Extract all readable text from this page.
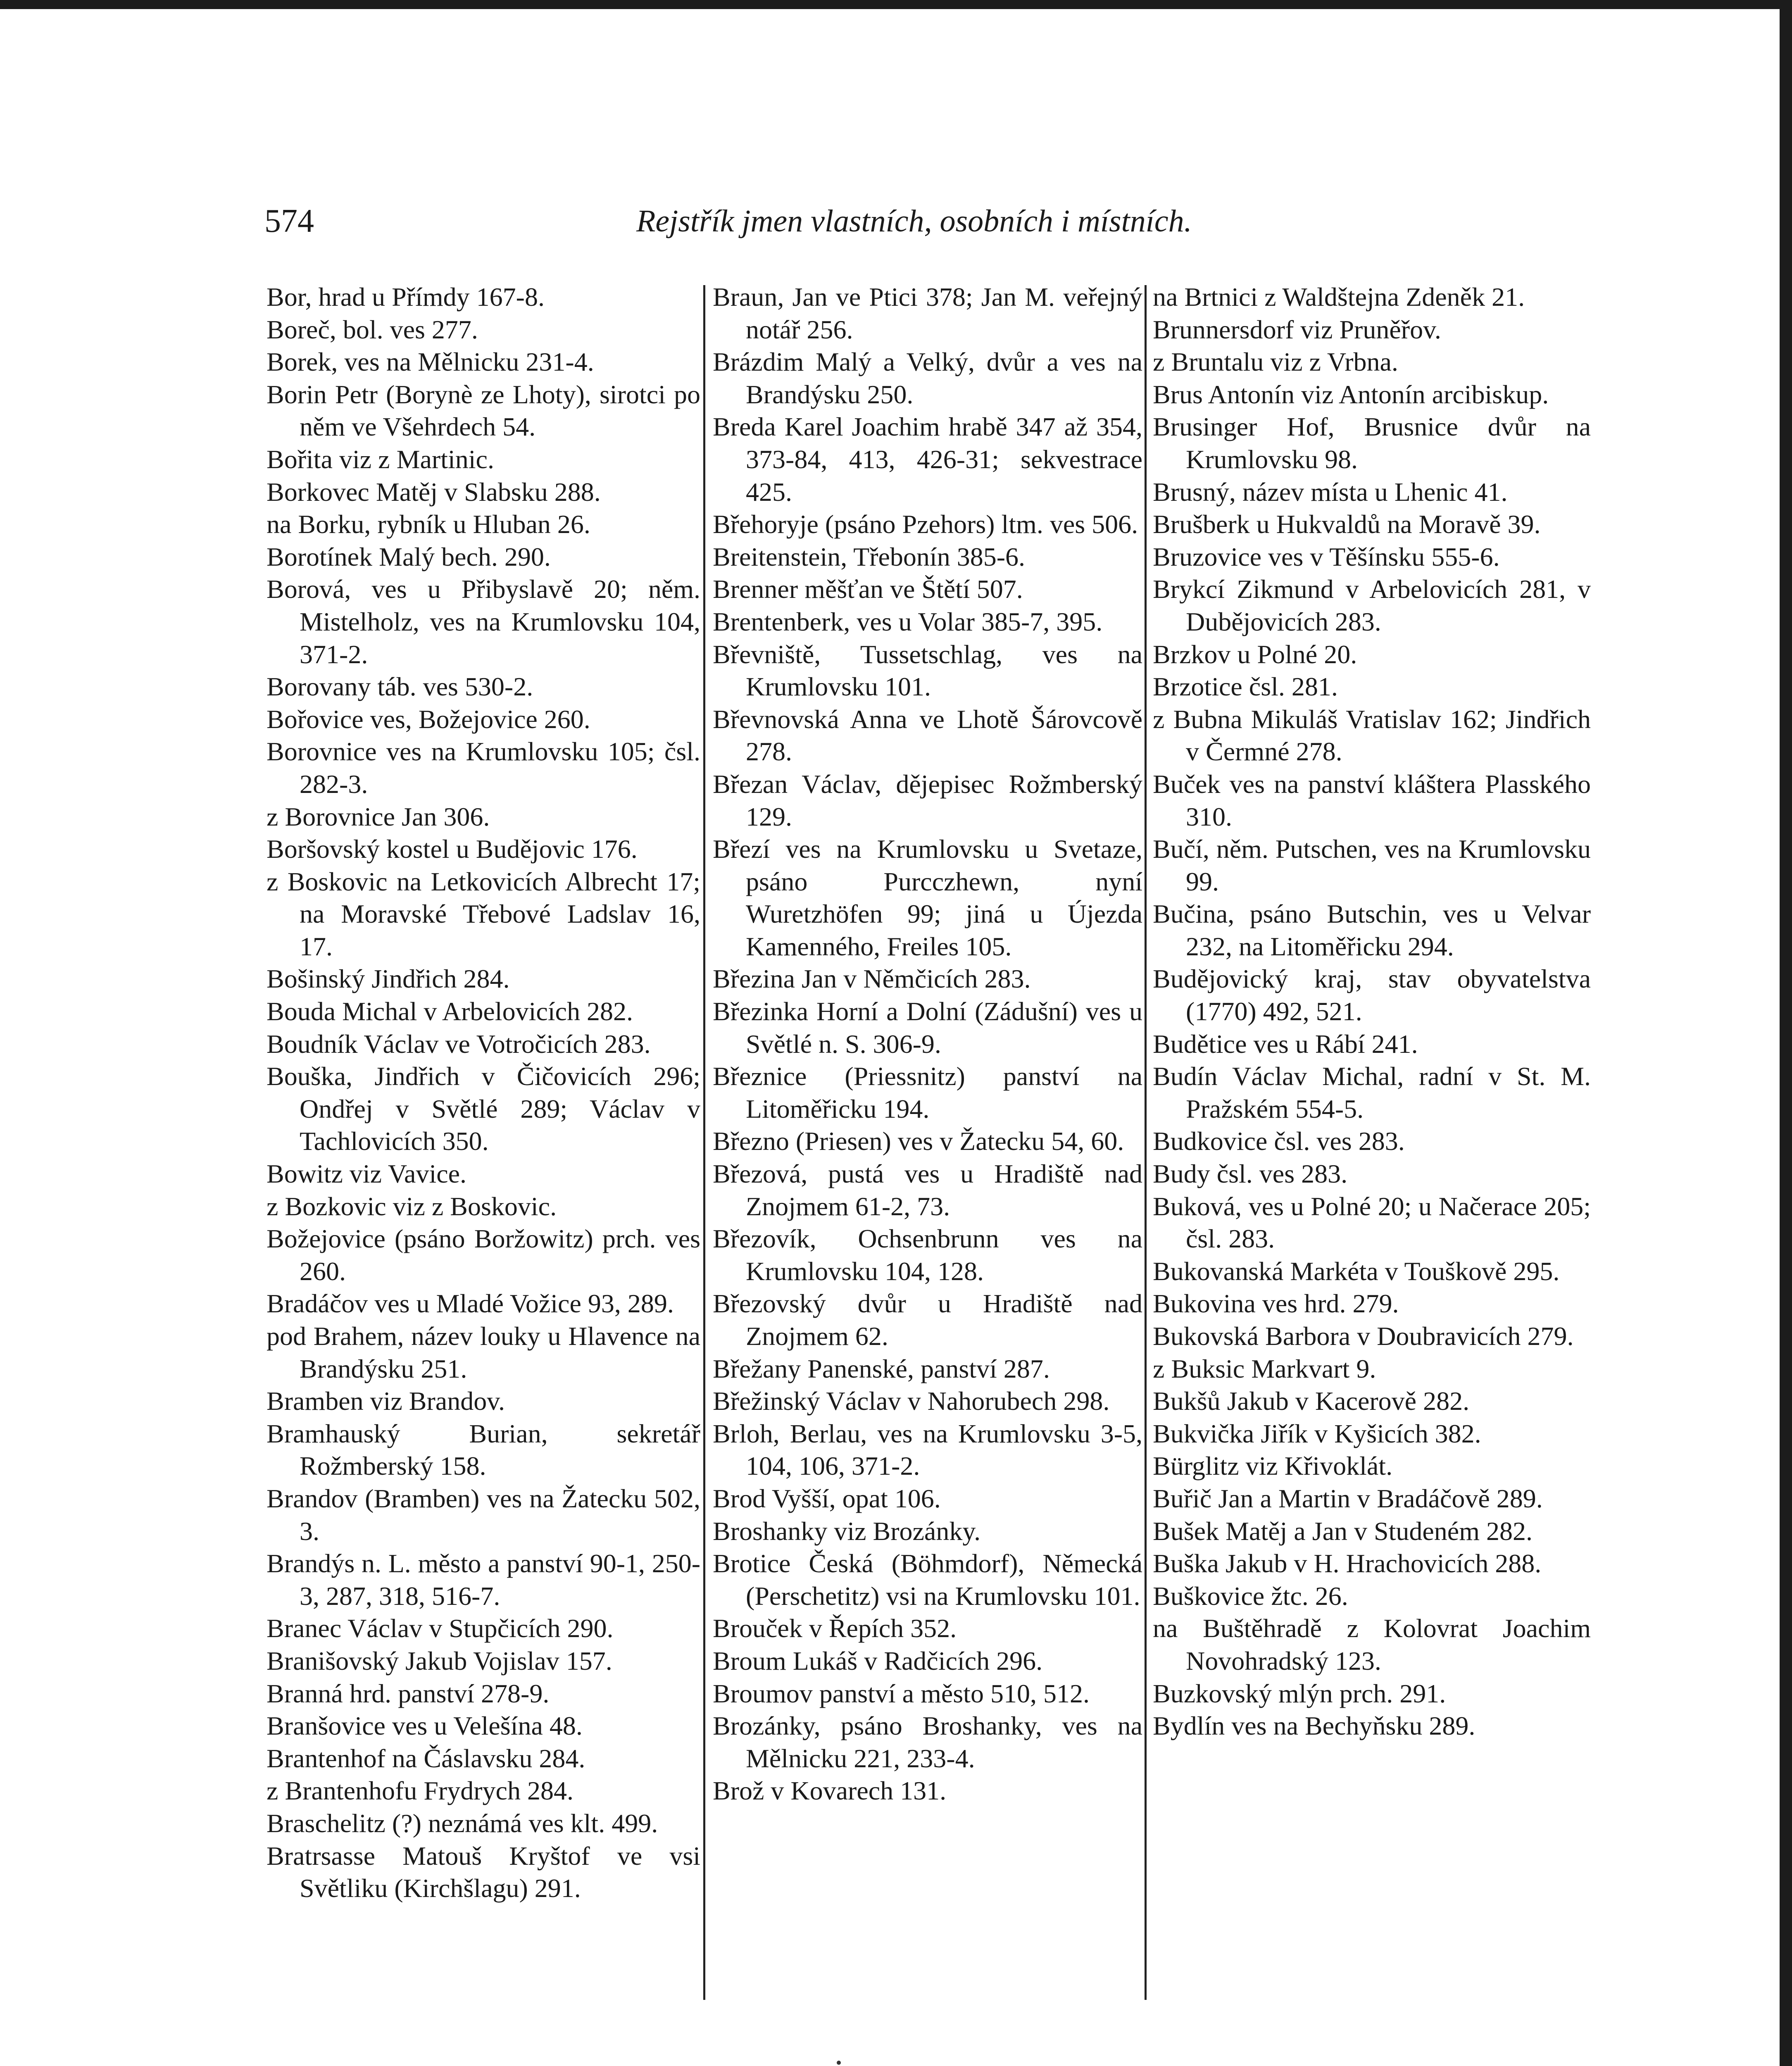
574	Rejstřík jmen vlastních, osobních i místních.

Bor, hrad u Přímdy 167-8.

Boreč, bol. ves 277.

Borek, ves na Mělnicku 231-4.

Borin Petr (Borynè ze Lhoty), sirotci po něm ve Všehrdech 54.

Bořita viz z Martinic.

Borkovec Matěj v Slabsku 288.

na Borku, rybník u Hluban 26.

Borotínek Malý bech. 290.

Borová, ves u Přibyslavě 20; něm. Mistelholz, ves na Krumlovsku 104, 371-2.

Borovany táb. ves 530-2.

Bořovice ves, Božejovice 260.

Borovnice ves na Krumlovsku 105; čsl. 282-3.

z Borovnice Jan 306.

Boršovský kostel u Budějovic 176.

z Boskovic na Letkovicích Albrecht 17; na Moravské Třebové Ladslav 16, 17.

Bošinský Jindřich 284.

Bouda Michal v Arbelovicích 282.

Boudník Václav ve Votročicích 283.

Bouška, Jindřich v Čičovicích 296; Ondřej v Světlé 289; Václav v Tachlovicích 350.

Bowitz viz Vavice.

z Bozkovic viz z Boskovic.

Božejovice (psáno Boržowitz) prch. ves 260.

Bradáčov ves u Mladé Vožice 93, 289.

pod Brahem, název louky u Hlavence na Brandýsku 251.

Bramben viz Brandov.

Bramhauský Burian, sekretář Rožmberský 158.

Brandov (Bramben) ves na Žatecku 502, 3.

Brandýs n. L. město a panství 90-1, 250-3, 287, 318, 516-7.

Branec Václav v Stupčicích 290.

Branišovský Jakub Vojislav 157.

Branná hrd. panství 278-9.

Branšovice ves u Velešína 48.

Brantenhof na Čáslavsku 284.

z Brantenhofu Frydrych 284.

Braschelitz (?) neznámá ves klt. 499.

Bratrsasse Matouš Kryštof ve vsi Světliku (Kirchšlagu) 291.

Braun, Jan ve Ptici 378; Jan M. veřejný notář 256.

Brázdim Malý a Velký, dvůr a ves na Brandýsku 250.

Breda Karel Joachim hrabě 347 až 354, 373-84, 413, 426-31; sekvestrace 425.

Břehoryje (psáno Pzehors) ltm. ves 506.

Breitenstein, Třebonín 385-6.

Brenner měšťan ve Štětí 507.

Brentenberk, ves u Volar 385-7, 395.

Břevniště, Tussetschlag, ves na Krumlovsku 101.

Břevnovská Anna ve Lhotě Šárovcově 278.

Březan Václav, dějepisec Rožmberský 129.

Březí ves na Krumlovsku u Svetaze, psáno Purcczhewn, nyní Wuretzhöfen 99; jiná u Újezda Kamenného, Freiles 105.

Březina Jan v Němčicích 283.

Březinka Horní a Dolní (Zádušní) ves u Světlé n. S. 306-9.

Březnice (Priessnitz) panství na Litoměřicku 194.

Březno (Priesen) ves v Žatecku 54, 60.

Březová, pustá ves u Hradiště nad Znojmem 61-2, 73.

Březovík, Ochsenbrunn ves na Krumlovsku 104, 128.

Březovský dvůr u Hradiště nad Znojmem 62.

Břežany Panenské, panství 287.

Břežinský Václav v Nahorubech 298.

Brloh, Berlau, ves na Krumlovsku 3-5, 104, 106, 371-2.

Brod Vyšší, opat 106.

Broshanky viz Brozánky.

Brotice Česká (Böhmdorf), Německá (Perschetitz) vsi na Krumlovsku 101.

Brouček v Řepích 352.

Broum Lukáš v Radčicích 296.

Broumov panství a město 510, 512.

Brozánky, psáno Broshanky, ves na Mělnicku 221, 233-4.

Brož v Kovarech 131.

na Brtnici z Waldštejna Zdeněk 21.

Brunnersdorf viz Pruněřov.

z Bruntalu viz z Vrbna.

Brus Antonín viz Antonín arcibiskup.

Brusinger Hof, Brusnice dvůr na Krumlovsku 98.

Brusný, název místa u Lhenic 41.

Brušberk u Hukvaldů na Moravě 39.

Bruzovice ves v Těšínsku 555-6.

Brykcí Zikmund v Arbelovicích 281, v Dubějovicích 283.

Brzkov u Polné 20.

Brzotice čsl. 281.

z Bubna Mikuláš Vratislav 162; Jindřich v Čermné 278.

Buček ves na panství kláštera Plasského 310.

Bučí, něm. Putschen, ves na Krumlovsku 99.

Bučina, psáno Butschin, ves u Velvar 232, na Litoměřicku 294.

Budějovický kraj, stav obyvatelstva (1770) 492, 521.

Budětice ves u Rábí 241.

Budín Václav Michal, radní v St. M. Pražském 554-5.

Budkovice čsl. ves 283.

Budy čsl. ves 283.

Buková, ves u Polné 20; u Načerace 205; čsl. 283.

Bukovanská Markéta v Touškově 295.

Bukovina ves hrd. 279.

Bukovská Barbora v Doubravicích 279.

z Buksic Markvart 9.

Bukšů Jakub v Kacerově 282.

Bukvička Jiřík v Kyšicích 382.

Bürglitz viz Křivoklát.

Buřič Jan a Martin v Bradáčově 289.

Bušek Matěj a Jan v Studeném 282.

Buška Jakub v H. Hrachovicích 288.

Buškovice žtc. 26.

na Buštěhradě z Kolovrat Joachim Novohradský 123.

Buzkovský mlýn prch. 291.

Bydlín ves na Bechyňsku 289.
